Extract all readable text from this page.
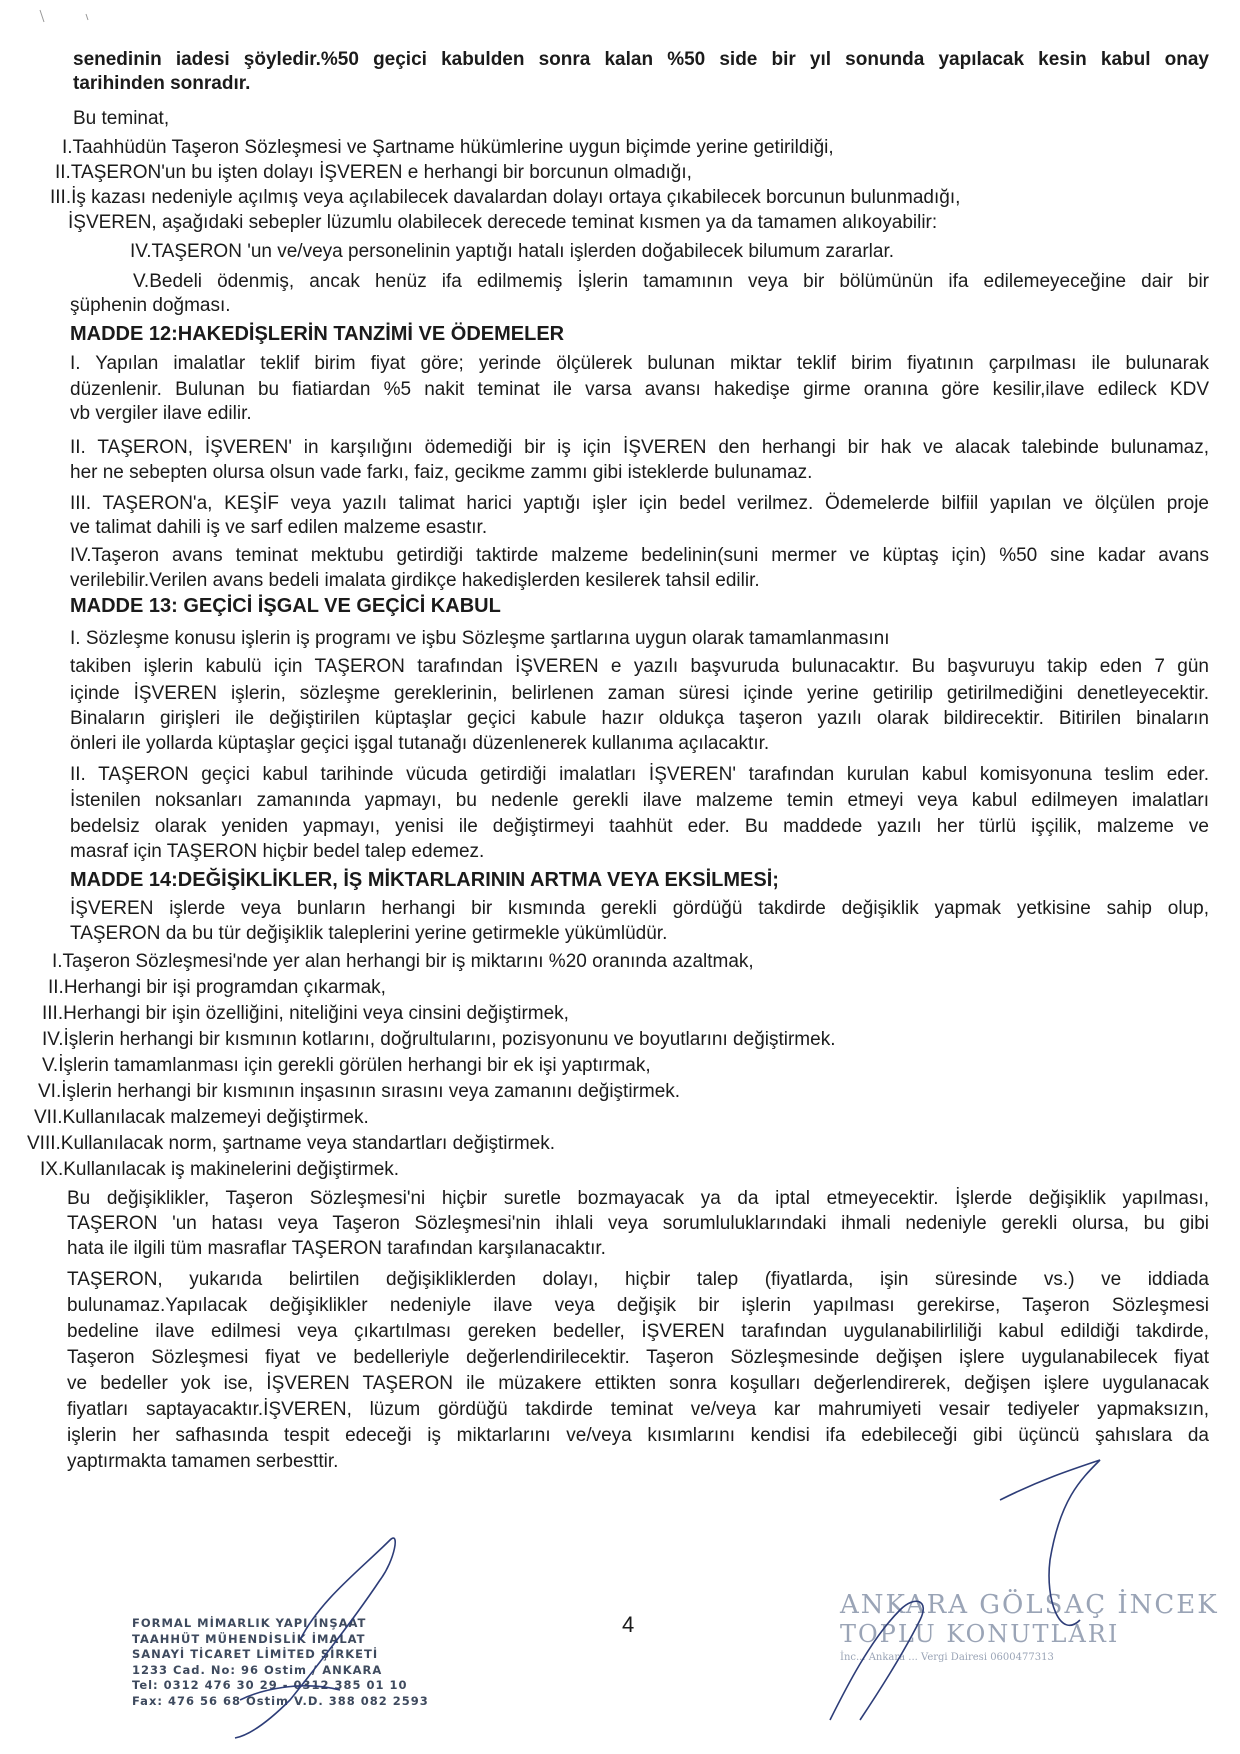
senedinin iadesi şöyledir.%50 geçici kabulden sonra kalan %50 side bir yıl sonunda yapılacak kesin kabul onay
tarihinden sonradır.
Bu teminat,
I.Taahhüdün Taşeron Sözleşmesi ve Şartname hükümlerine uygun biçimde yerine getirildiği,
II.TAŞERON'un bu işten dolayı İŞVEREN e herhangi bir borcunun olmadığı,
III.İş kazası nedeniyle açılmış veya açılabilecek davalardan dolayı ortaya çıkabilecek borcunun bulunmadığı,
İŞVEREN, aşağıdaki sebepler lüzumlu olabilecek derecede teminat kısmen ya da tamamen alıkoyabilir:
IV.TAŞERON 'un ve/veya personelinin yaptığı hatalı işlerden doğabilecek bilumum zararlar.
V.Bedeli ödenmiş, ancak henüz ifa edilmemiş İşlerin tamamının veya bir bölümünün ifa edilemeyeceğine dair bir
şüphenin doğması.
MADDE 12:HAKEDİŞLERİN TANZİMİ VE ÖDEMELER
I. Yapılan imalatlar teklif birim fiyat göre; yerinde ölçülerek bulunan miktar teklif birim fiyatının çarpılması ile bulunarak
düzenlenir. Bulunan bu fiatiardan %5 nakit teminat ile varsa avansı hakedişe girme oranına göre kesilir,ilave edileck KDV
vb vergiler ilave edilir.
II. TAŞERON, İŞVEREN' in karşılığını ödemediği bir iş için İŞVEREN den herhangi bir hak ve alacak talebinde bulunamaz,
her ne sebepten olursa olsun vade farkı, faiz, gecikme zammı gibi isteklerde bulunamaz.
III. TAŞERON'a, KEŞİF veya yazılı talimat harici yaptığı işler için bedel verilmez. Ödemelerde bilfiil yapılan ve ölçülen proje
ve talimat dahili iş ve sarf edilen malzeme esastır.
IV.Taşeron avans teminat mektubu getirdiği taktirde malzeme bedelinin(suni mermer ve küptaş için) %50 sine kadar avans
verilebilir.Verilen avans bedeli imalata girdikçe hakedişlerden kesilerek tahsil edilir.
MADDE 13: GEÇİCİ İŞGAL VE GEÇİCİ KABUL
I. Sözleşme konusu işlerin iş programı ve işbu Sözleşme şartlarına uygun olarak tamamlanmasını
takiben işlerin kabulü için TAŞERON tarafından İŞVEREN e yazılı başvuruda bulunacaktır. Bu başvuruyu takip eden 7 gün
içinde İŞVEREN işlerin, sözleşme gereklerinin, belirlenen zaman süresi içinde yerine getirilip getirilmediğini denetleyecektir.
Binaların girişleri ile değiştirilen küptaşlar geçici kabule hazır oldukça taşeron yazılı olarak bildirecektir. Bitirilen binaların
önleri ile yollarda küptaşlar geçici işgal tutanağı düzenlenerek kullanıma açılacaktır.
II. TAŞERON geçici kabul tarihinde vücuda getirdiği imalatları İŞVEREN' tarafından kurulan kabul komisyonuna teslim eder.
İstenilen noksanları zamanında yapmayı, bu nedenle gerekli ilave malzeme temin etmeyi veya kabul edilmeyen imalatları
bedelsiz olarak yeniden yapmayı, yenisi ile değiştirmeyi taahhüt eder. Bu maddede yazılı her türlü işçilik, malzeme ve
masraf için TAŞERON hiçbir bedel talep edemez.
MADDE 14:DEĞİŞİKLİKLER, İŞ MİKTARLARININ ARTMA VEYA EKSİLMESİ;
İŞVEREN işlerde veya bunların herhangi bir kısmında gerekli gördüğü takdirde değişiklik yapmak yetkisine sahip olup,
TAŞERON da bu tür değişiklik taleplerini yerine getirmekle yükümlüdür.
I.Taşeron Sözleşmesi'nde yer alan herhangi bir iş miktarını %20 oranında azaltmak,
II.Herhangi bir işi programdan çıkarmak,
III.Herhangi bir işin özelliğini, niteliğini veya cinsini değiştirmek,
IV.İşlerin herhangi bir kısmının kotlarını, doğrultularını, pozisyonunu ve boyutlarını değiştirmek.
V.İşlerin tamamlanması için gerekli görülen herhangi bir ek işi yaptırmak,
VI.İşlerin herhangi bir kısmının inşasının sırasını veya zamanını değiştirmek.
VII.Kullanılacak malzemeyi değiştirmek.
VIII.Kullanılacak norm, şartname veya standartları değiştirmek.
IX.Kullanılacak iş makinelerini değiştirmek.
Bu değişiklikler, Taşeron Sözleşmesi'ni hiçbir suretle bozmayacak ya da iptal etmeyecektir. İşlerde değişiklik yapılması,
TAŞERON 'un hatası veya Taşeron Sözleşmesi'nin ihlali veya sorumluluklarındaki ihmali nedeniyle gerekli olursa, bu gibi
hata ile ilgili tüm masraflar TAŞERON tarafından karşılanacaktır.
TAŞERON, yukarıda belirtilen değişikliklerden dolayı, hiçbir talep (fiyatlarda, işin süresinde vs.) ve iddiada
bulunamaz.Yapılacak değişiklikler nedeniyle ilave veya değişik bir işlerin yapılması gerekirse, Taşeron Sözleşmesi
bedeline ilave edilmesi veya çıkartılması gereken bedeller, İŞVEREN tarafından uygulanabilirliliği kabul edildiği takdirde,
Taşeron Sözleşmesi fiyat ve bedelleriyle değerlendirilecektir. Taşeron Sözleşmesinde değişen işlere uygulanabilecek fiyat
ve bedeller yok ise, İŞVEREN TAŞERON ile müzakere ettikten sonra koşulları değerlendirerek, değişen işlere uygulanacak
fiyatları saptayacaktır.İŞVEREN, lüzum gördüğü takdirde teminat ve/veya kar mahrumiyeti vesair tediyeler yapmaksızın,
işlerin her safhasında tespit edeceği iş miktarlarını ve/veya kısımlarını kendisi ifa edebileceği gibi üçüncü şahıslara da
yaptırmakta tamamen serbesttir.
4
FORMAL MİMARLIK YAPI İNŞAAT
TAAHHÜT MÜHENDİSLİK İMALAT
SANAYİ TİCARET LİMİTED ŞİRKETİ
1233 Cad. No: 96 Ostim / ANKARA
Tel: 0312 476 30 29 - 0312 385 01 10
Fax: 476 56 68 Ostim V.D. 388 082 2593
ANKARA GÖLSAÇ İNCEK
TOPLU KONUTLARI
İnc... Ankara ... Vergi Dairesi 0600477313
